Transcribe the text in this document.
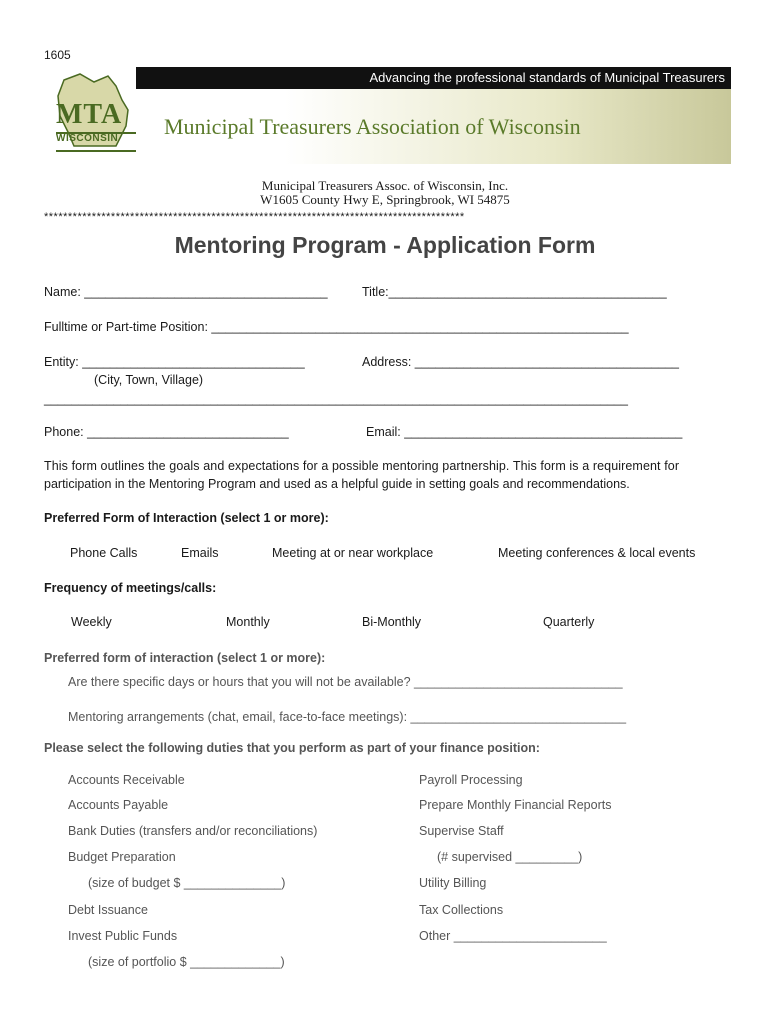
1605
MTA
WISCONSIN
Advancing the professional standards of Municipal Treasurers
Municipal Treasurers Association of Wisconsin
Municipal Treasurers Assoc. of Wisconsin, Inc.
W1605 County Hwy E, Springbrook, WI 54875
****************************************************************************************
Mentoring Program - Application Form
Name: ___________________________________	Title:________________________________________
Fulltime or Part-time Position: ____________________________________________________________
Entity: ________________________________	Address: ______________________________________
(City, Town, Village)
____________________________________________________________________________________
Phone: _____________________________	Email: ________________________________________
This form outlines the goals and expectations for a possible mentoring partnership. This form is a requirement for
participation in the Mentoring Program and used as a helpful guide in setting goals and recommendations.
Preferred Form of Interaction (select 1 or more):
Phone Calls	Emails	Meeting at or near workplace	Meeting conferences & local events
Frequency of meetings/calls:
Weekly	Monthly	Bi-Monthly	Quarterly
Preferred form of interaction (select 1 or more):
Are there specific days or hours that you will not be available? ______________________________
Mentoring arrangements (chat, email, face-to-face meetings): _______________________________
Please select the following duties that you perform as part of your finance position:
Accounts Receivable
Accounts Payable
Bank Duties (transfers and/or reconciliations)
Budget Preparation
(size of budget $ ______________)
Debt Issuance
Invest Public Funds
(size of portfolio $ _____________)
Payroll Processing
Prepare Monthly Financial Reports
Supervise Staff
(# supervised _________)
Utility Billing
Tax Collections
Other ______________________
